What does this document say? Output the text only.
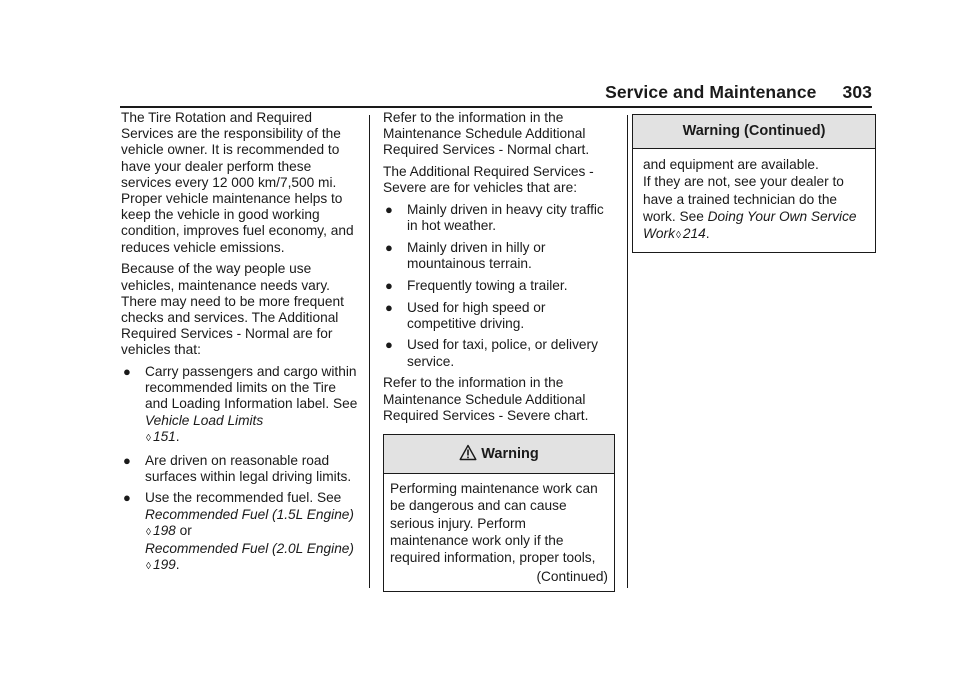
Service and Maintenance 303

The Tire Rotation and Required Services are the responsibility of the vehicle owner. It is recommended to have your dealer perform these services every 12 000 km/7,500 mi. Proper vehicle maintenance helps to keep the vehicle in good working condition, improves fuel economy, and reduces vehicle emissions.

Because of the way people use vehicles, maintenance needs vary. There may need to be more frequent checks and services. The Additional Required Services - Normal are for vehicles that:

● Carry passengers and cargo within recommended limits on the Tire and Loading Information label. See Vehicle Load Limits
◊ 151.
● Are driven on reasonable road surfaces within legal driving limits.
● Use the recommended fuel. See
Recommended Fuel (1.5L Engine)◊ 198 or
Recommended Fuel (2.0L Engine)◊ 199.

Refer to the information in the Maintenance Schedule Additional Required Services - Normal chart.

The Additional Required Services - Severe are for vehicles that are:

● Mainly driven in heavy city traffic in hot weather.
● Mainly driven in hilly or mountainous terrain.
● Frequently towing a trailer.
● Used for high speed or competitive driving.
● Used for taxi, police, or delivery service.

Refer to the information in the Maintenance Schedule Additional Required Services - Severe chart.

Warning

Performing maintenance work can be dangerous and can cause serious injury. Perform maintenance work only if the required information, proper tools,

(Continued)
Warning (Continued)

and equipment are available.

If they are not, see your dealer to have a trained technician do the work. See Doing Your Own Service Work◊ 214.
